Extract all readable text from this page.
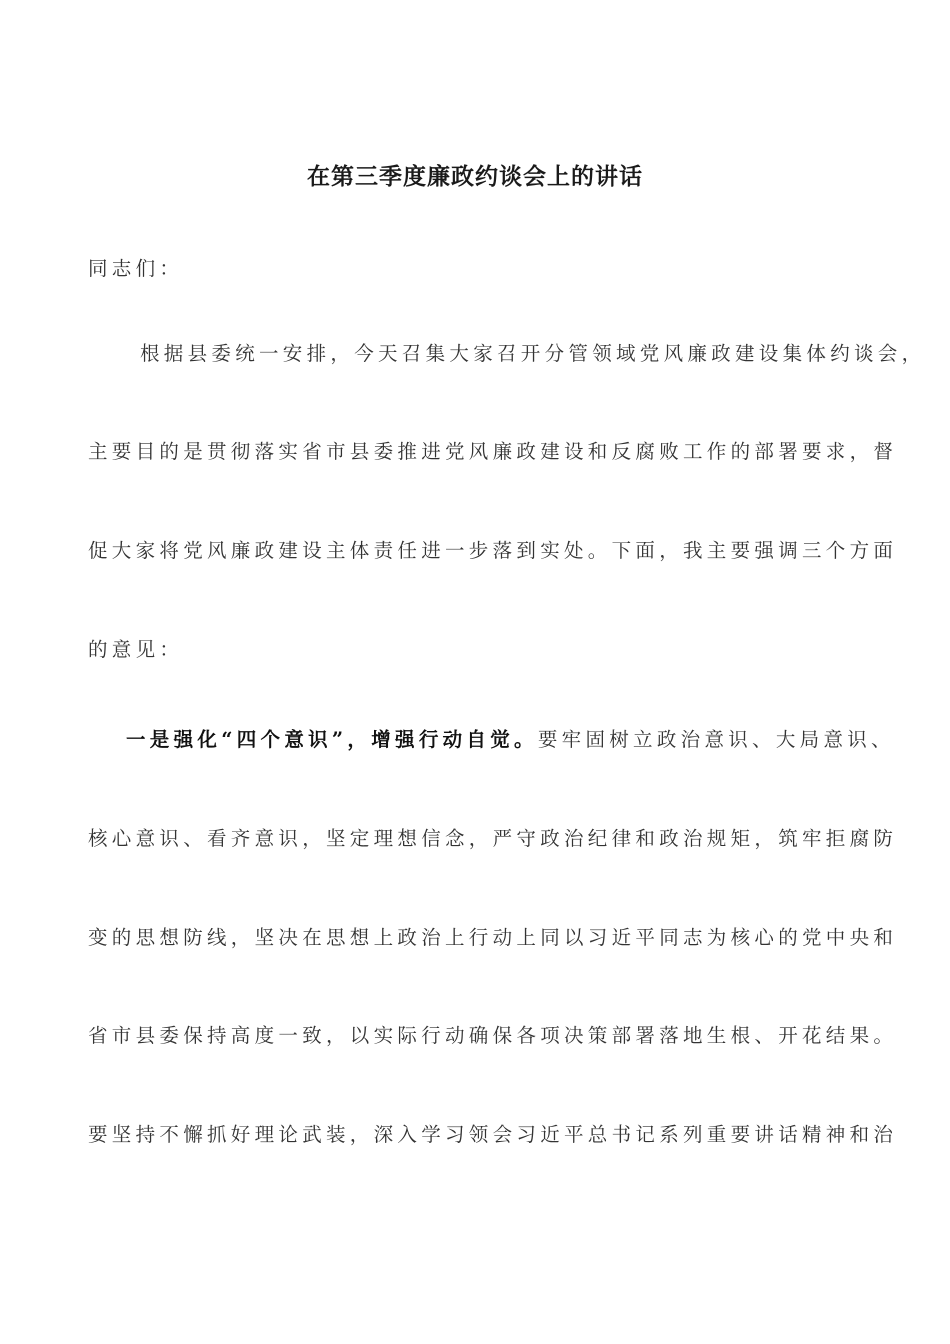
在第三季度廉政约谈会上的讲话
同志们：
根据县委统一安排，今天召集大家召开分管领域党风廉政建设集体约谈会，
主要目的是贯彻落实省市县委推进党风廉政建设和反腐败工作的部署要求，督
促大家将党风廉政建设主体责任进一步落到实处。下面，我主要强调三个方面
的意见：
一是强化“四个意识”，增强行动自觉。要牢固树立政治意识、大局意识、
核心意识、看齐意识，坚定理想信念，严守政治纪律和政治规矩，筑牢拒腐防
变的思想防线，坚决在思想上政治上行动上同以习近平同志为核心的党中央和
省市县委保持高度一致，以实际行动确保各项决策部署落地生根、开花结果。
要坚持不懈抓好理论武装，深入学习领会习近平总书记系列重要讲话精神和治
